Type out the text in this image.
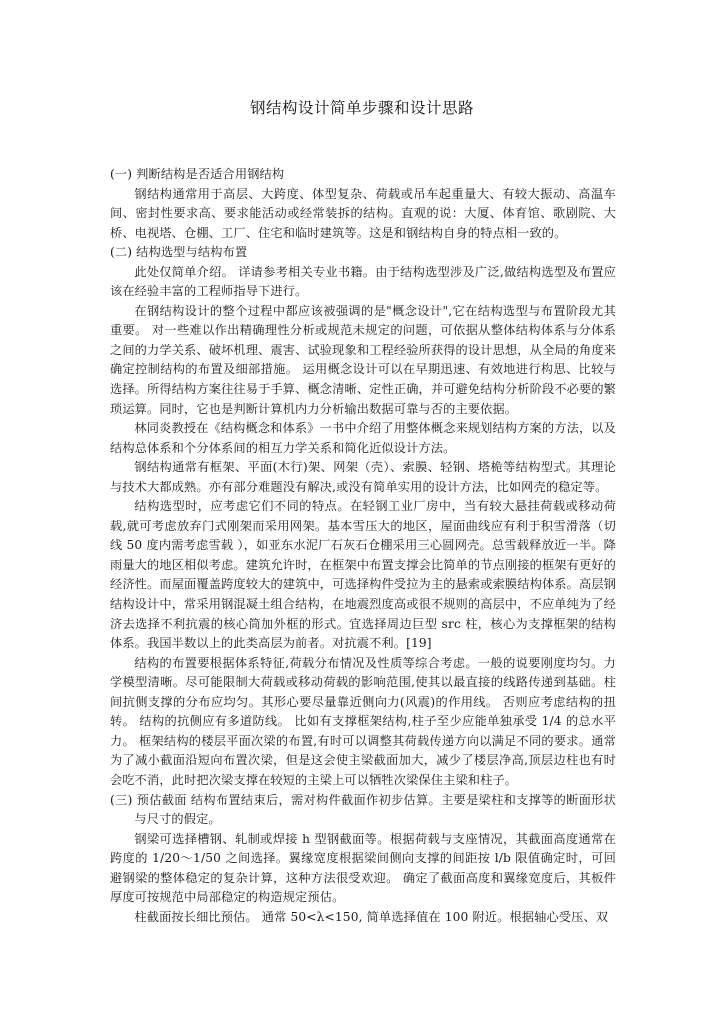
钢结构设计简单步骤和设计思路

(一) 判断结构是否适合用钢结构

钢结构通常用于高层、大跨度、体型复杂、荷载或吊车起重量大、有较大振动、高温车间、密封性要求高、要求能活动或经常装拆的结构。直观的说：大厦、体育馆、歌剧院、大桥、电视塔、仓棚、工厂、住宅和临时建筑等。这是和钢结构自身的特点相一致的。

(二) 结构选型与结构布置

此处仅简单介绍。 详请参考相关专业书籍。由于结构选型涉及广泛,做结构选型及布置应该在经验丰富的工程师指导下进行。

在钢结构设计的整个过程中都应该被强调的是"概念设计",它在结构选型与布置阶段尤其重要。 对一些难以作出精确理性分析或规范未规定的问题，可依据从整体结构体系与分体系之间的力学关系、破坏机理、震害、试验现象和工程经验所获得的设计思想，从全局的角度来确定控制结构的布置及细部措施。 运用概念设计可以在早期迅速、有效地进行构思、比较与选择。所得结构方案往往易于手算、概念清晰、定性正确，并可避免结构分析阶段不必要的繁琐运算。同时，它也是判断计算机内力分析输出数据可靠与否的主要依据。

林同炎教授在《结构概念和体系》一书中介绍了用整体概念来规划结构方案的方法，以及结构总体系和个分体系间的相互力学关系和简化近似设计方法。

钢结构通常有框架、平面(木行)架、网架（壳）、索膜、轻钢、塔桅等结构型式。其理论与技术大都成熟。亦有部分难题没有解决,或没有简单实用的设计方法，比如网壳的稳定等。

结构选型时，应考虑它们不同的特点。在轻钢工业厂房中，当有较大悬挂荷载或移动荷载,就可考虑放弃门式刚架而采用网架。基本雪压大的地区，屋面曲线应有利于积雪滑落（切线 50 度内需考虑雪载 ），如亚东水泥厂石灰石仓棚采用三心圆网壳。总雪载释放近一半。降雨量大的地区相似考虑。建筑允许时，在框架中布置支撑会比简单的节点刚接的框架有更好的经济性。而屋面覆盖跨度较大的建筑中，可选择构件受拉为主的悬索或索膜结构体系。高层钢结构设计中，常采用钢混凝土组合结构，在地震烈度高或很不规则的高层中，不应单纯为了经济去选择不利抗震的核心筒加外框的形式。宜选择周边巨型 src 柱，核心为支撑框架的结构体系。我国半数以上的此类高层为前者。对抗震不利。[19]

结构的布置要根据体系特征,荷载分布情况及性质等综合考虑。一般的说要刚度均匀。力学模型清晰。尽可能限制大荷载或移动荷载的影响范围,使其以最直接的线路传递到基础。柱间抗侧支撑的分布应均匀。其形心要尽量靠近侧向力(风震)的作用线。 否则应考虑结构的扭转。 结构的抗侧应有多道防线。 比如有支撑框架结构,柱子至少应能单独承受 1/4 的总水平力。 框架结构的楼层平面次梁的布置,有时可以调整其荷载传递方向以满足不同的要求。通常为了减小截面沿短向布置次梁，但是这会使主梁截面加大，减少了楼层净高,顶层边柱也有时会吃不消，此时把次梁支撑在较短的主梁上可以牺牲次梁保住主梁和柱子。

(三) 预估截面 结构布置结束后，需对构件截面作初步估算。主要是梁柱和支撑等的断面形状与尺寸的假定。

钢梁可选择槽钢、轧制或焊接 h 型钢截面等。根据荷载与支座情况，其截面高度通常在跨度的 1/20～1/50 之间选择。翼缘宽度根据梁间侧向支撑的间距按 l/b 限值确定时，可回避钢梁的整体稳定的复杂计算，这种方法很受欢迎。 确定了截面高度和翼缘宽度后，其板件厚度可按规范中局部稳定的构造规定预估。

柱截面按长细比预估。 通常 50<λ<150, 简单选择值在 100 附近。根据轴心受压、双
